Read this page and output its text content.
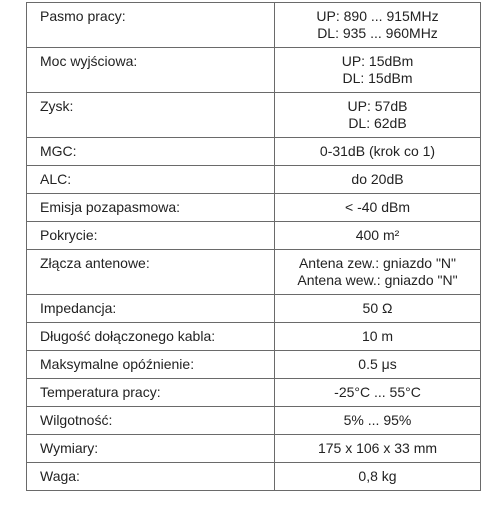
Pasmo pracy:	UP: 890 ... 915MHz
DL: 935 ... 960MHz

Moc wyjściowa:	UP: 15dBm
DL: 15dBm

Zysk:	UP: 57dB
DL: 62dB

MGC:	0-31dB (krok co 1)

ALC:	do 20dB

Emisja pozapasmowa:	< -40 dBm

Pokrycie:	400 m²

Złącza antenowe:	Antena zew.: gniazdo "N"
Antena wew.: gniazdo "N"

Impedancja:	50 Ω

Długość dołączonego kabla:	10 m

Maksymalne opóźnienie:	0.5 μs

Temperatura pracy:	-25°C ... 55°C

Wilgotność:	5% ... 95%

Wymiary:	175 x 106 x 33 mm

Waga:	0,8 kg
